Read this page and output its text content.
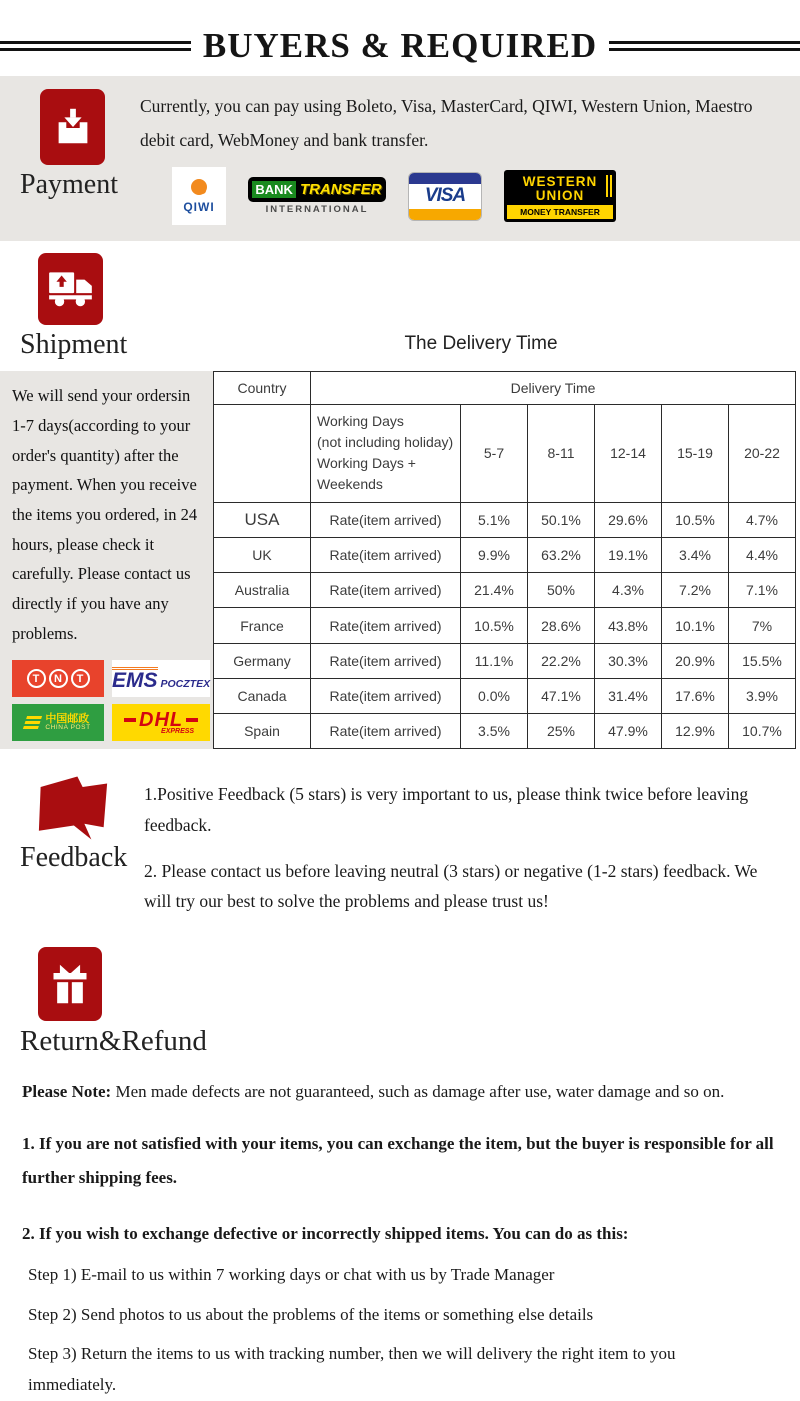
BUYERS & REQUIRED
Payment

Currently, you can pay using Boleto, Visa, MasterCard, QIWI, Western Union, Maestro debit card, WebMoney and bank transfer.

QIWI
BANK TRANSFER
INTERNATIONAL
VISA
WESTERN
UNION
MONEY TRANSFER
Shipment	The Delivery Time

We will send your ordersin 1-7 days(according to your order's quantity) after the payment. When you receive the items you ordered, in 24 hours, please check it carefully. Please contact us directly if you have any problems.

T	N	T EMS POCZTEX
中国邮政
CHINA POST DHL
EXPRESS
Country	Delivery Time					

	Working Days
(not including holiday)
Working Days + Weekends	5-7	8-11	12-14	15-19	20-22
USA	Rate(item arrived)	5.1%	50.1%	29.6%	10.5%	4.7%
UK	Rate(item arrived)	9.9%	63.2%	19.1%	3.4%	4.4%
Australia	Rate(item arrived)	21.4%	50%	4.3%	7.2%	7.1%
France	Rate(item arrived)	10.5%	28.6%	43.8%	10.1%	7%
Germany	Rate(item arrived)	11.1%	22.2%	30.3%	20.9%	15.5%
Canada	Rate(item arrived)	0.0%	47.1%	31.4%	17.6%	3.9%
Spain	Rate(item arrived)	3.5%	25%	47.9%	12.9%	10.7%
Feedback

1.Positive Feedback (5 stars) is very important to us, please think twice before leaving feedback.

2. Please contact us before leaving neutral (3 stars) or negative (1-2 stars) feedback. We will try our best to solve the problems and please trust us!

Return&Refund

Please Note: Men made defects are not guaranteed, such as damage after use, water damage and so on.

1. If you are not satisfied with your items, you can exchange the item, but the buyer is responsible for all further shipping fees.

2. If you wish to exchange defective or incorrectly shipped items. You can do as this:

Step 1) E-mail to us within 7 working days or chat with us by Trade Manager

Step 2) Send photos to us about the problems of the items or something else details

Step 3) Return the items to us with tracking number, then we will delivery the right item to you immediately.
